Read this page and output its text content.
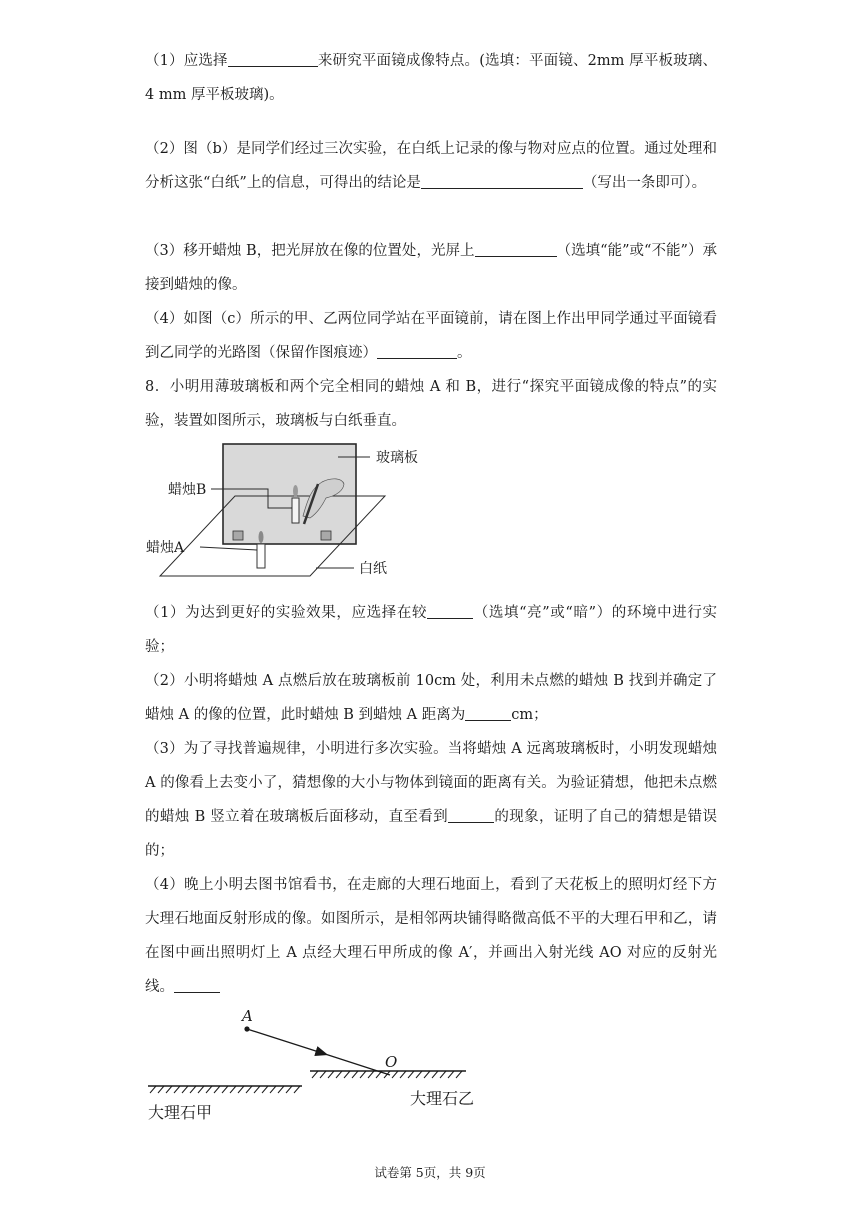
（1）应选择	来研究平面镜成像特点。(选填：平面镜、2mm 厚平板玻璃、4 mm 厚平板玻璃)。

（2）图（b）是同学们经过三次实验，在白纸上记录的像与物对应点的位置。通过处理和分析这张“白纸”上的信息，可得出的结论是	（写出一条即可）。

（3）移开蜡烛 B，把光屏放在像的位置处，光屏上	（选填“能”或“不能”）承接到蜡烛的像。

（4）如图（c）所示的甲、乙两位同学站在平面镜前，请在图上作出甲同学通过平面镜看到乙同学的光路图（保留作图痕迹）	。

8．小明用薄玻璃板和两个完全相同的蜡烛 A 和 B，进行“探究平面镜成像的特点”的实验，装置如图所示，玻璃板与白纸垂直。

玻璃板
蜡烛B
蜡烛A
白纸

（1）为达到更好的实验效果，应选择在较	（选填“亮”或“暗”）的环境中进行实验；

（2）小明将蜡烛 A 点燃后放在玻璃板前 10cm 处，利用未点燃的蜡烛 B 找到并确定了蜡烛 A 的像的位置，此时蜡烛 B 到蜡烛 A 距离为	cm；

（3）为了寻找普遍规律，小明进行多次实验。当将蜡烛 A 远离玻璃板时，小明发现蜡烛 A 的像看上去变小了，猜想像的大小与物体到镜面的距离有关。为验证猜想，他把未点燃的蜡烛 B 竖立着在玻璃板后面移动，直至看到	的现象，证明了自己的猜想是错误的；

（4）晚上小明去图书馆看书，在走廊的大理石地面上，看到了天花板上的照明灯经下方大理石地面反射形成的像。如图所示，是相邻两块铺得略微高低不平的大理石甲和乙，请在图中画出照明灯上 A 点经大理石甲所成的像 A′，并画出入射光线 AO 对应的反射光线。

A
O
大理石甲
大理石乙
试卷第 5页，共 9页
